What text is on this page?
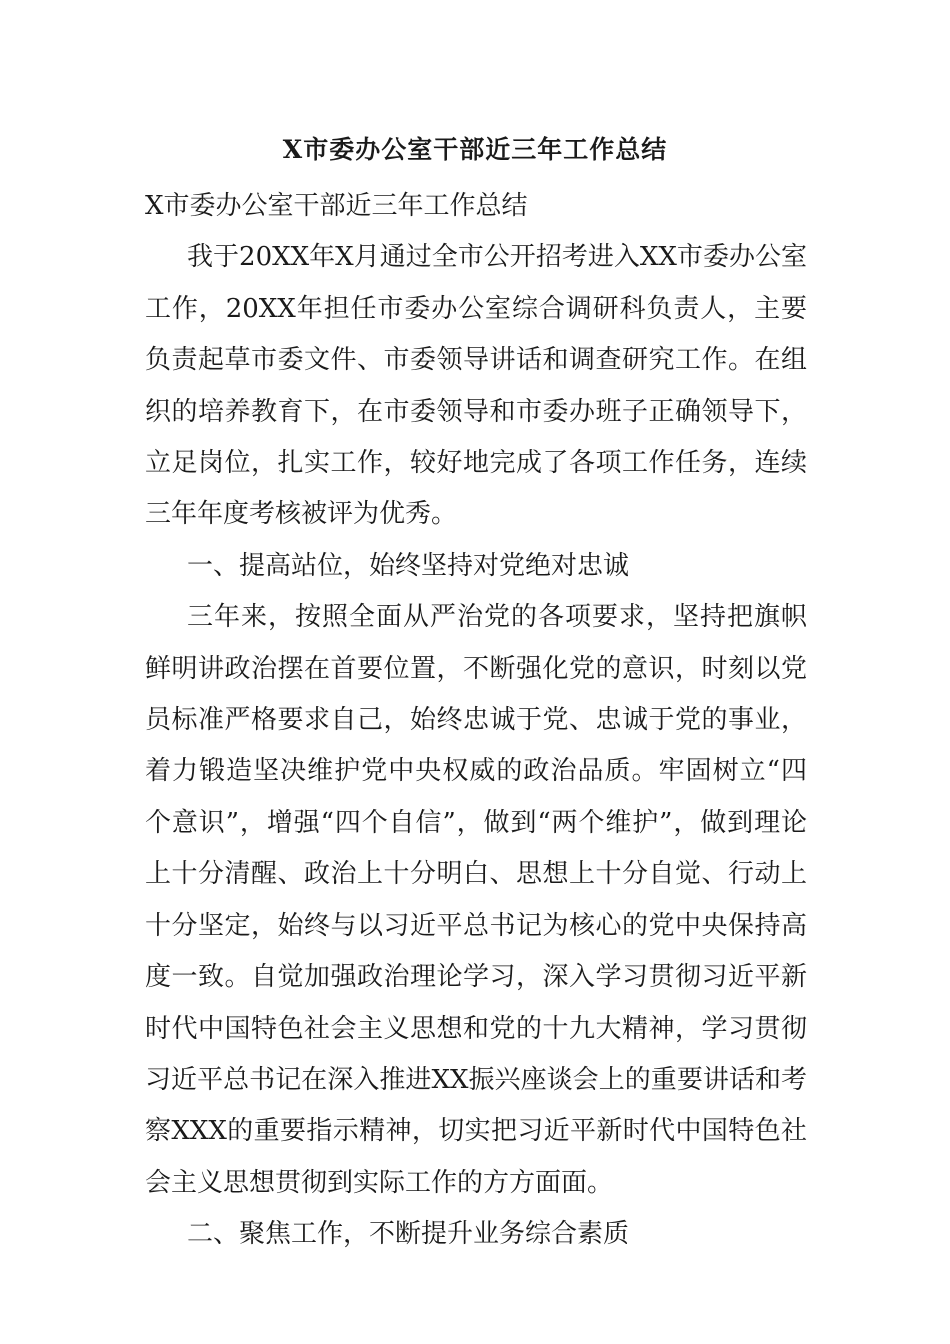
X市委办公室干部近三年工作总结

X市委办公室干部近三年工作总结

我于20XX年X月通过全市公开招考进入XX市委办公室工作，20XX年担任市委办公室综合调研科负责人，主要负责起草市委文件、市委领导讲话和调查研究工作。在组织的培养教育下，在市委领导和市委办班子正确领导下，立足岗位，扎实工作，较好地完成了各项工作任务，连续三年年度考核被评为优秀。

一、提高站位，始终坚持对党绝对忠诚

三年来，按照全面从严治党的各项要求，坚持把旗帜鲜明讲政治摆在首要位置，不断强化党的意识，时刻以党员标准严格要求自己，始终忠诚于党、忠诚于党的事业，着力锻造坚决维护党中央权威的政治品质。牢固树立“四个意识”，增强“四个自信”，做到“两个维护”，做到理论上十分清醒、政治上十分明白、思想上十分自觉、行动上十分坚定，始终与以习近平总书记为核心的党中央保持高度一致。自觉加强政治理论学习，深入学习贯彻习近平新时代中国特色社会主义思想和党的十九大精神，学习贯彻习近平总书记在深入推进XX振兴座谈会上的重要讲话和考察XXX的重要指示精神，切实把习近平新时代中国特色社会主义思想贯彻到实际工作的方方面面。

二、聚焦工作，不断提升业务综合素质
